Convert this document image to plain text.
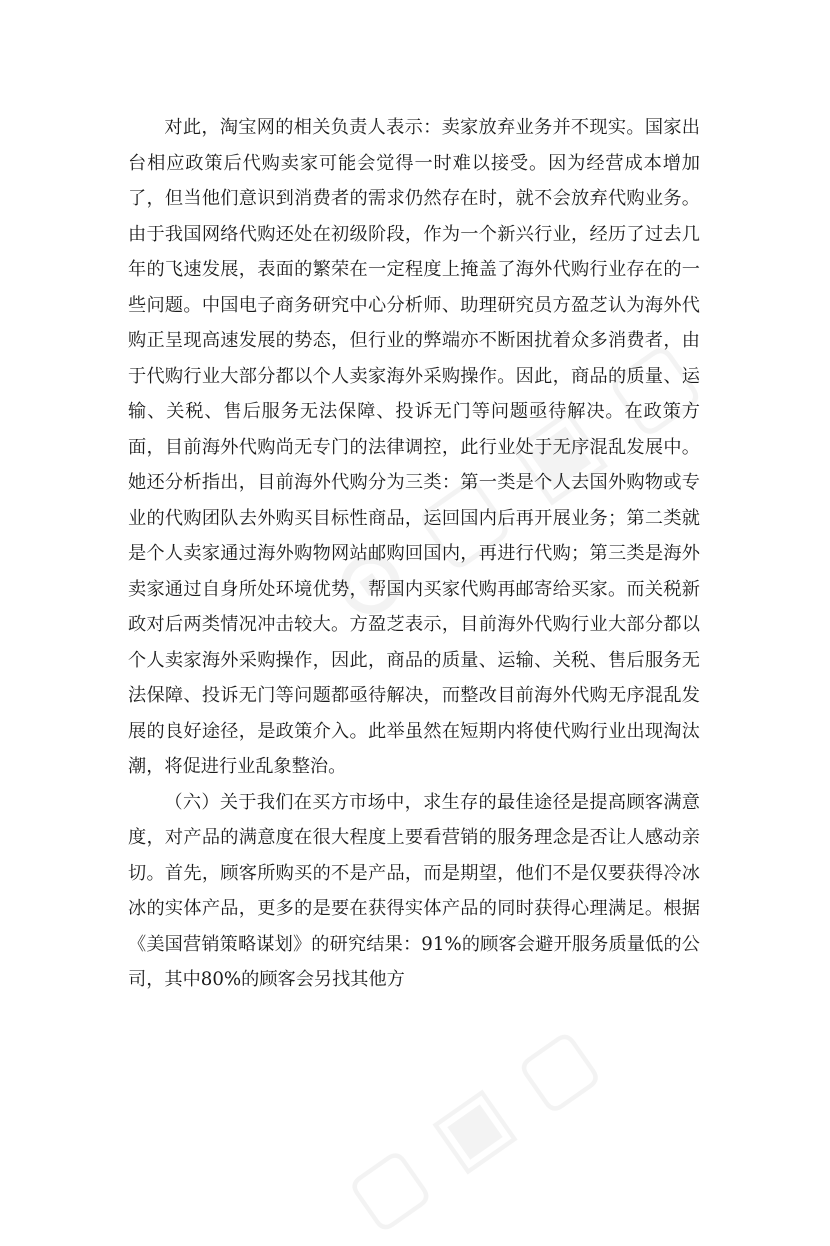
对此，淘宝网的相关负责人表示：卖家放弃业务并不现实。国家出台相应政策后代购卖家可能会觉得一时难以接受。因为经营成本增加了，但当他们意识到消费者的需求仍然存在时，就不会放弃代购业务。由于我国网络代购还处在初级阶段，作为一个新兴行业，经历了过去几年的飞速发展，表面的繁荣在一定程度上掩盖了海外代购行业存在的一些问题。中国电子商务研究中心分析师、助理研究员方盈芝认为海外代购正呈现高速发展的势态，但行业的弊端亦不断困扰着众多消费者，由于代购行业大部分都以个人卖家海外采购操作。因此，商品的质量、运输、关税、售后服务无法保障、投诉无门等问题亟待解决。在政策方面，目前海外代购尚无专门的法律调控，此行业处于无序混乱发展中。她还分析指出，目前海外代购分为三类：第一类是个人去国外购物或专业的代购团队去外购买目标性商品，运回国内后再开展业务；第二类就是个人卖家通过海外购物网站邮购回国内，再进行代购；第三类是海外卖家通过自身所处环境优势，帮国内买家代购再邮寄给买家。而关税新政对后两类情况冲击较大。方盈芝表示，目前海外代购行业大部分都以个人卖家海外采购操作，因此，商品的质量、运输、关税、售后服务无法保障、投诉无门等问题都亟待解决，而整改目前海外代购无序混乱发展的良好途径，是政策介入。此举虽然在短期内将使代购行业出现淘汰潮，将促进行业乱象整治。

（六）关于我们在买方市场中，求生存的最佳途径是提高顾客满意度，对产品的满意度在很大程度上要看营销的服务理念是否让人感动亲切。首先，顾客所购买的不是产品，而是期望，他们不是仅要获得冷冰冰的实体产品，更多的是要在获得实体产品的同时获得心理满足。根据《美国营销策略谋划》的研究结果：91%的顾客会避开服务质量低的公司，其中80%的顾客会另找其他方
